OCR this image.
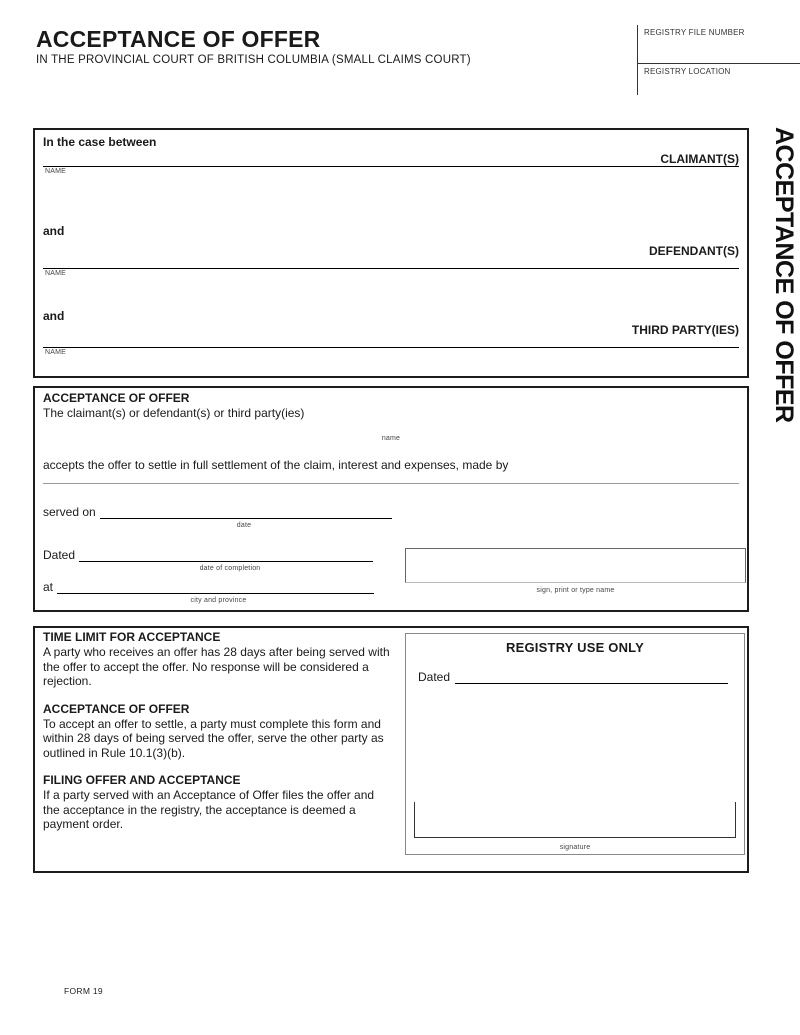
ACCEPTANCE OF OFFER
IN THE PROVINCIAL COURT OF BRITISH COLUMBIA (SMALL CLAIMS COURT)
REGISTRY FILE NUMBER
REGISTRY LOCATION
ACCEPTANCE OF OFFER
In the case between
CLAIMANT(S)
NAME
and
DEFENDANT(S)
NAME
and
THIRD PARTY(IES)
NAME
ACCEPTANCE OF OFFER
The claimant(s) or defendant(s) or third party(ies)
name
accepts the offer to settle in full settlement of the claim, interest and expenses, made by
served on
date
Dated
date of completion
sign, print or type name
at
city and province
TIME LIMIT FOR ACCEPTANCE
A party who receives an offer has 28 days after being served with the offer to accept the offer. No response will be considered a rejection.
ACCEPTANCE OF OFFER
To accept an offer to settle, a party must complete this form and within 28 days of being served the offer, serve the other party as outlined in Rule 10.1(3)(b).
FILING OFFER AND ACCEPTANCE
If a party served with an Acceptance of Offer files the offer and the acceptance in the registry, the acceptance is deemed a payment order.
REGISTRY USE ONLY
Dated
signature
FORM 19
